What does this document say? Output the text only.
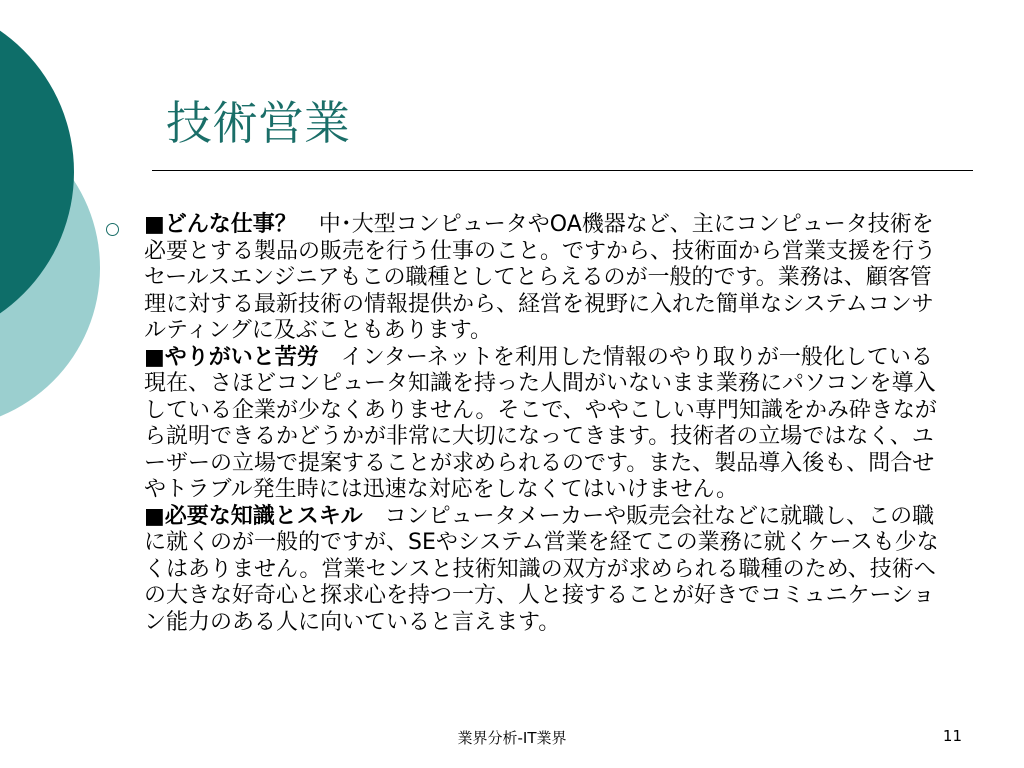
技術営業

■どんな仕事？　中･大型コンピュータやOA機器など、主にコンピュータ技術を必要とする製品の販売を行う仕事のこと。ですから、技術面から営業支援を行うセールスエンジニアもこの職種としてとらえるのが一般的です。業務は、顧客管理に対する最新技術の情報提供から、経営を視野に入れた簡単なシステムコンサルティングに及ぶこともあります。

■やりがいと苦労　インターネットを利用した情報のやり取りが一般化している現在、さほどコンピュータ知識を持った人間がいないまま業務にパソコンを導入している企業が少なくありません。そこで、ややこしい専門知識をかみ砕きながら説明できるかどうかが非常に大切になってきます。技術者の立場ではなく、ユーザーの立場で提案することが求められるのです。また、製品導入後も、問合せやトラブル発生時には迅速な対応をしなくてはいけません。

■必要な知識とスキル　コンピュータメーカーや販売会社などに就職し、この職に就くのが一般的ですが、SEやシステム営業を経てこの業務に就くケースも少なくはありません。営業センスと技術知識の双方が求められる職種のため、技術への大きな好奇心と探求心を持つ一方、人と接することが好きでコミュニケーション能力のある人に向いていると言えます。

業界分析-IT業界	11
